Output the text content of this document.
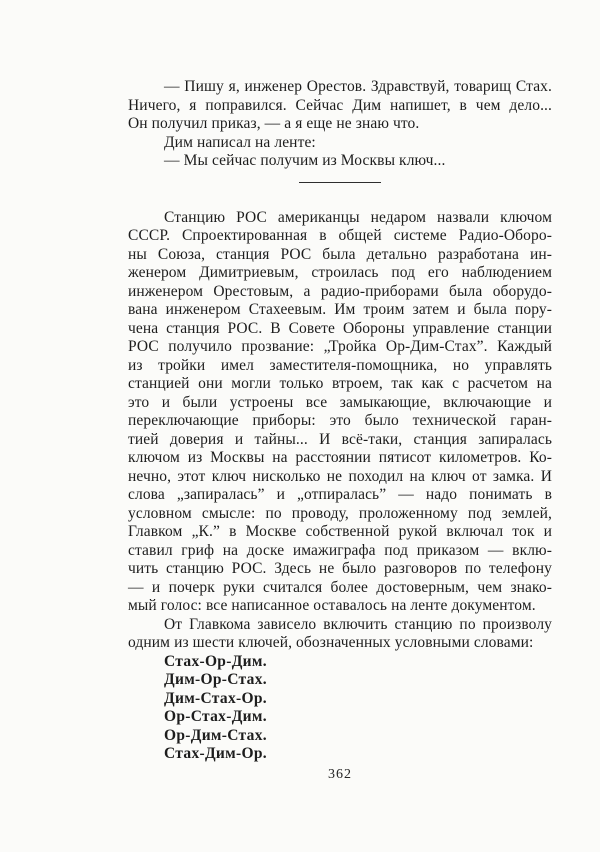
— Пишу я, инженер Орестов. Здравствуй, товарищ Стах.
Ничего, я поправился. Сейчас Дим напишет, в чем дело...
Он получил приказ, — а я еще не знаю что.
Дим написал на ленте:
— Мы сейчас получим из Москвы ключ...
Станцию РОС американцы недаром назвали ключом
СССР. Спроектированная в общей системе Радио-Оборо-
ны Союза, станция РОС была детально разработана ин-
женером Димитриевым, строилась под его наблюдением
инженером Орестовым, а радио-приборами была оборудо-
вана инженером Стахеевым. Им троим затем и была пору-
чена станция РОС. В Совете Обороны управление станции
РОС получило прозвание: „Тройка Ор-Дим-Стах”. Каждый
из тройки имел заместителя-помощника, но управлять
станцией они могли только втроем, так как с расчетом на
это и были устроены все замыкающие, включающие и
переключающие приборы: это было технической гаран-
тией доверия и тайны... И всё-таки, станция запиралась
ключом из Москвы на расстоянии пятисот километров. Ко-
нечно, этот ключ нисколько не походил на ключ от замка. И
слова „запиралась” и „отпиралась” — надо понимать в
условном смысле: по проводу, проложенному под землей,
Главком „К.” в Москве собственной рукой включал ток и
ставил гриф на доске имажиграфа под приказом — вклю-
чить станцию РОС. Здесь не было разговоров по телефону
— и почерк руки считался более достоверным, чем знако-
мый голос: все написанное оставалось на ленте документом.
От Главкома зависело включить станцию по произволу
одним из шести ключей, обозначенных условными словами:
Стах-Ор-Дим.
Дим-Ор-Стах.
Дим-Стах-Ор.
Ор-Стах-Дим.
Ор-Дим-Стах.
Стах-Дим-Ор.
362
